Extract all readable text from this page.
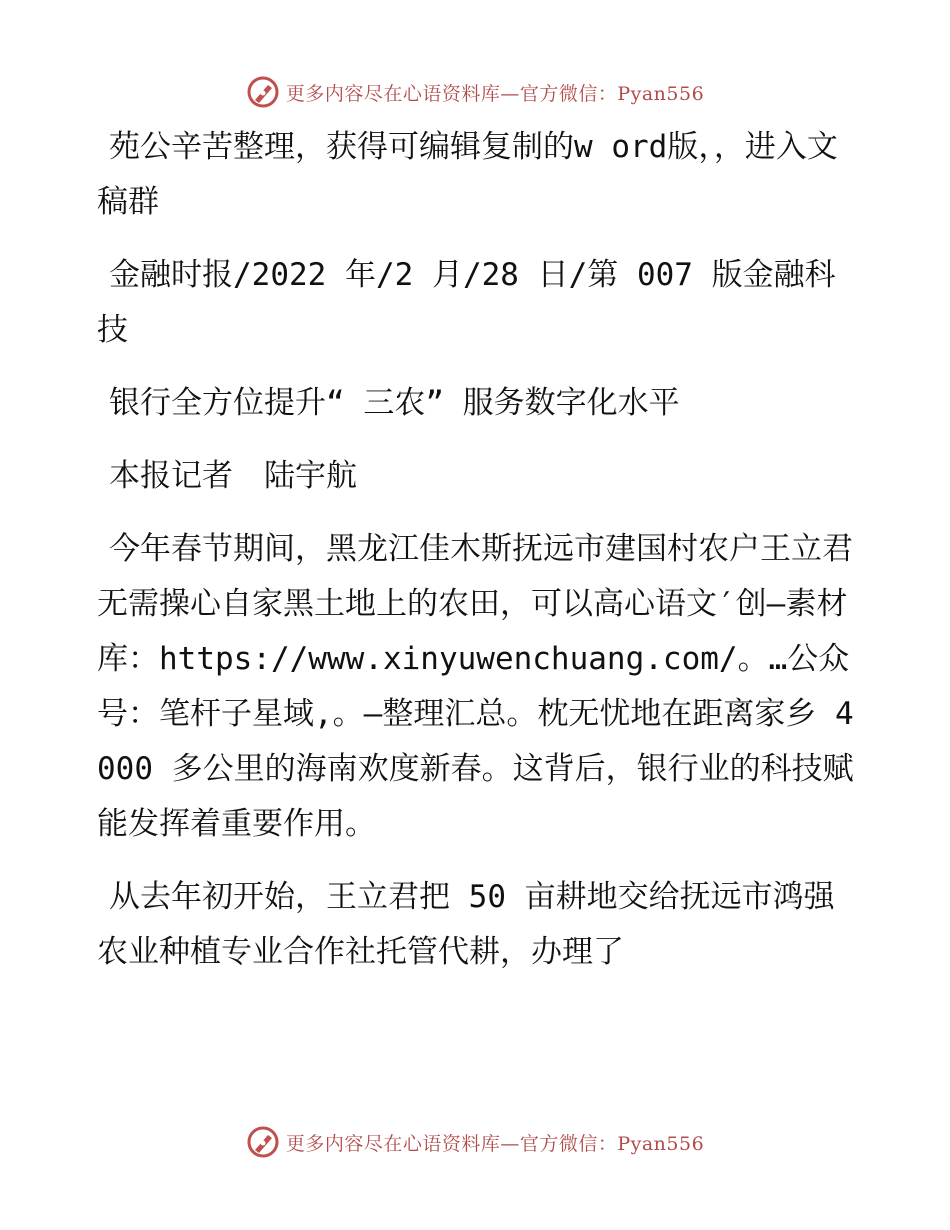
更多内容尽在心语资料库—官方微信：Pyan556

苑公辛苦整理，获得可编辑复制的w ord版，，进入文稿群

金融时报/2022 年/2 月/28 日/第 007 版金融科技

银行全方位提升“ 三农” 服务数字化水平

本报记者　陆宇航

今年春节期间，黑龙江佳木斯抚远市建国村农户王立君无需操心自家黑土地上的农田，可以高心语文′创—素材库：https://www.xinyuwenchuang.com/。…公众号：笔杆子星域,。—整理汇总。枕无忧地在距离家乡 4000 多公里的海南欢度新春。这背后，银行业的科技赋能发挥着重要作用。

从去年初开始，王立君把 50 亩耕地交给抚远市鸿强农业种植专业合作社托管代耕，办理了

更多内容尽在心语资料库—官方微信：Pyan556
